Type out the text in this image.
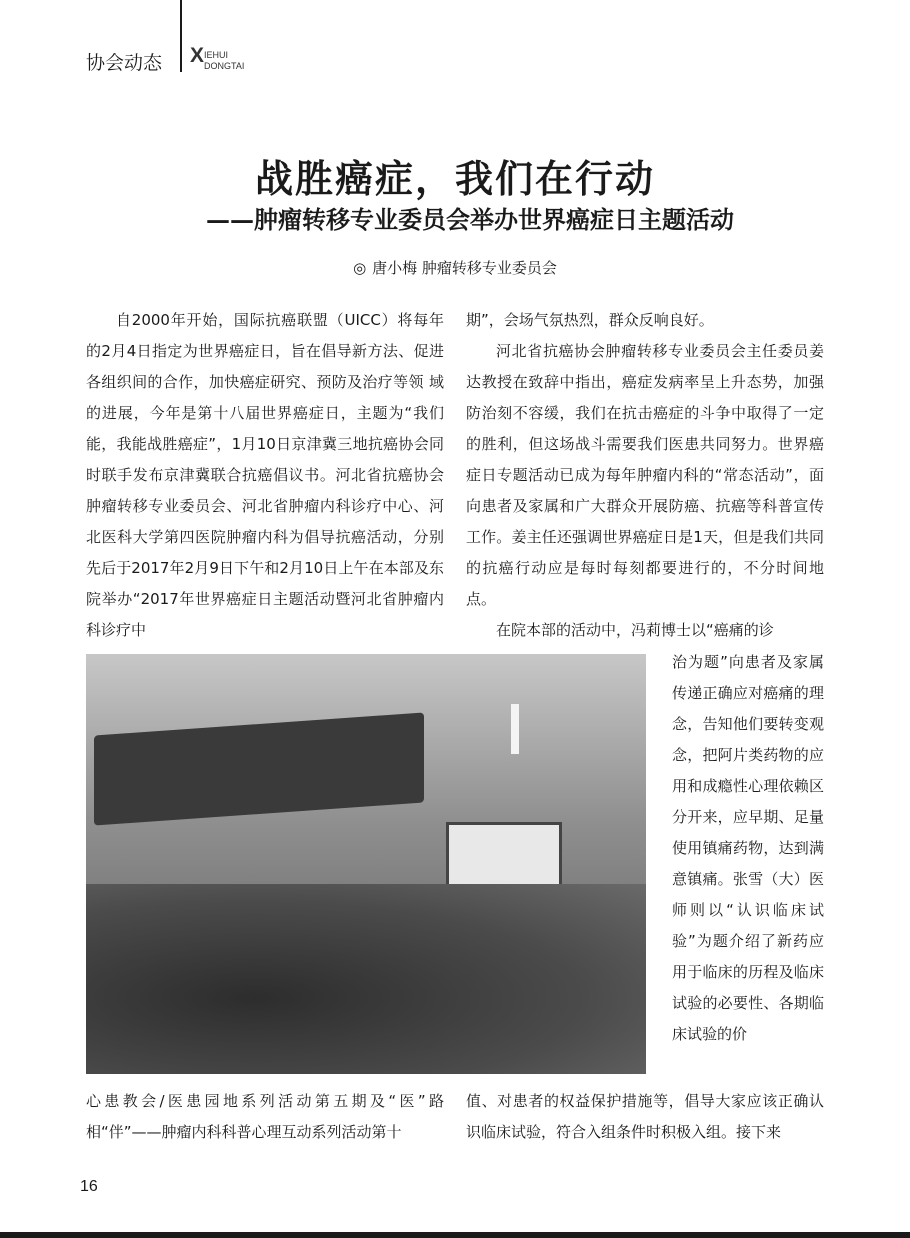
协会动态 X IEHUI
DONGTAI
战胜癌症，我们在行动
——肿瘤转移专业委员会举办世界癌症日主题活动
◎ 唐小梅 肿瘤转移专业委员会

自2000年开始，国际抗癌联盟（UICC）将每年的2月4日指定为世界癌症日，旨在倡导新方法、促进各组织间的合作，加快癌症研究、预防及治疗等领 域的进展，今年是第十八届世界癌症日，主题为“我们能，我能战胜癌症”，1月10日京津冀三地抗癌协会同时联手发布京津冀联合抗癌倡议书。河北省抗癌协会肿瘤转移专业委员会、河北省肿瘤内科诊疗中心、河北医科大学第四医院肿瘤内科为倡导抗癌活动，分别先后于2017年2月9日下午和2月10日上午在本部及东院举办“2017年世界癌症日主题活动暨河北省肿瘤内科诊疗中

期”，会场气氛热烈，群众反响良好。

河北省抗癌协会肿瘤转移专业委员会主任委员姜达教授在致辞中指出，癌症发病率呈上升态势，加强防治刻不容缓，我们在抗击癌症的斗争中取得了一定的胜利，但这场战斗需要我们医患共同努力。世界癌症日专题活动已成为每年肿瘤内科的“常态活动”，面向患者及家属和广大群众开展防癌、抗癌等科普宣传工作。姜主任还强调世界癌症日是1天，但是我们共同的抗癌行动应是每时每刻都要进行的，不分时间地点。

在院本部的活动中，冯莉博士以“癌痛的诊

治为题”向患者及家属传递正确应对癌痛的理念，告知他们要转变观念，把阿片类药物的应用和成瘾性心理依赖区分开来，应早期、足量使用镇痛药物，达到满意镇痛。张雪（大）医师则以“认识临床试验”为题介绍了新药应用于临床的历程及临床试验的必要性、各期临床试验的价

心患教会/医患园地系列活动第五期及“医”路相“伴”——肿瘤内科科普心理互动系列活动第十

值、对患者的权益保护措施等，倡导大家应该正确认识临床试验，符合入组条件时积极入组。接下来

16
